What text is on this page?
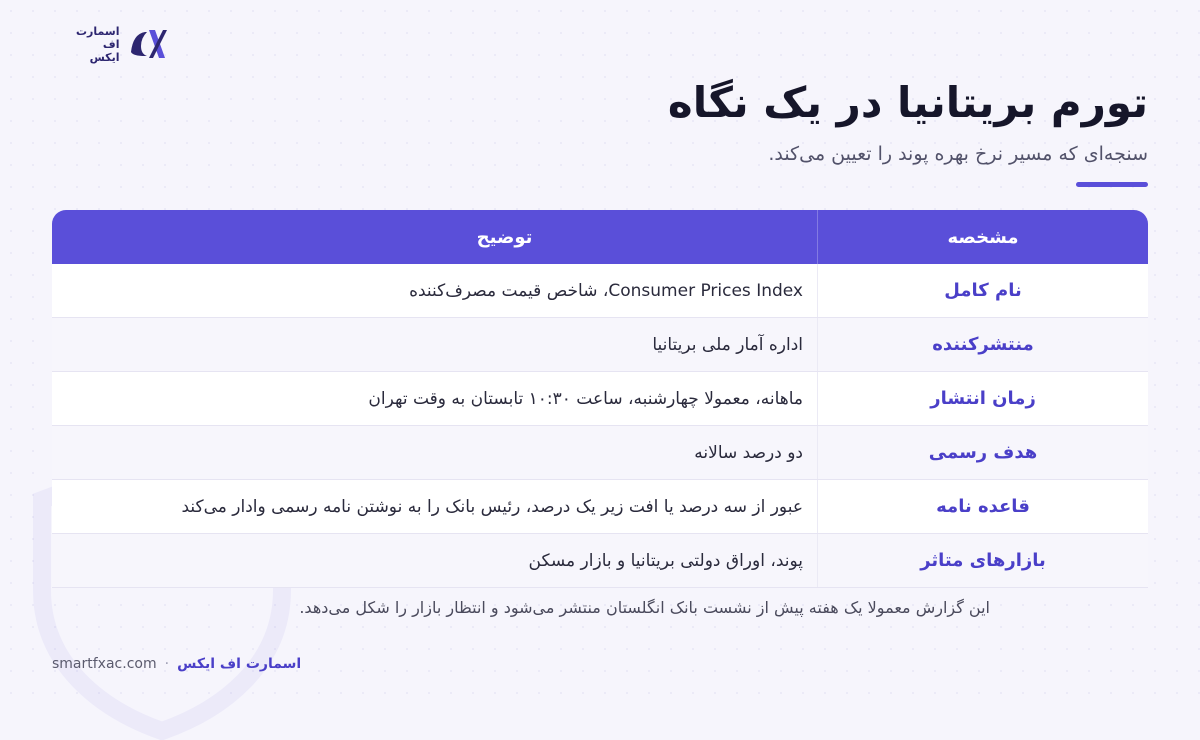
اسمارت
اف
ایکس
تورم بریتانیا در یک نگاه

سنجه‌ای که مسیر نرخ بهره پوند را تعیین می‌کند.

مشخصه
توضیح
نام کامل
Consumer Prices Index، شاخص قیمت مصرف‌کننده
منتشرکننده
اداره آمار ملی بریتانیا
زمان انتشار
ماهانه، معمولا چهارشنبه، ساعت ۱۰:۳۰ تابستان به وقت تهران
هدف رسمی
دو درصد سالانه
قاعده نامه
عبور از سه درصد یا افت زیر یک درصد، رئیس بانک را به نوشتن نامه رسمی وادار می‌کند
بازارهای متاثر
پوند، اوراق دولتی بریتانیا و بازار مسکن

این گزارش معمولا یک هفته پیش از نشست بانک انگلستان منتشر می‌شود و انتظار بازار را شکل می‌دهد.

smartfxac.com · اسمارت اف ایکس
